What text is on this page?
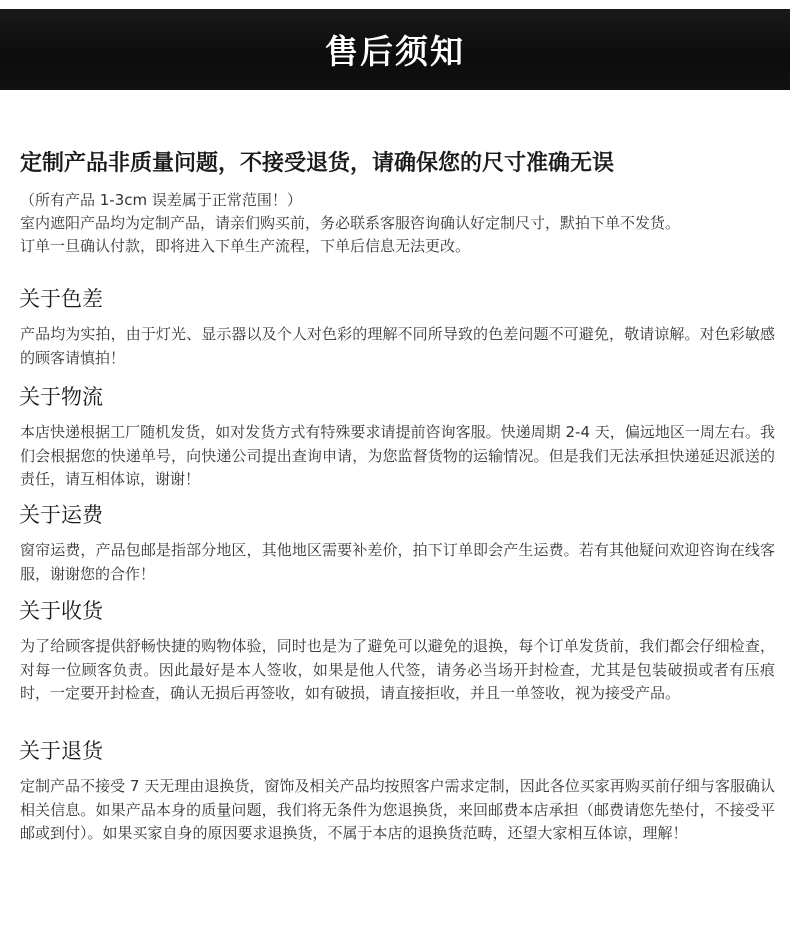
售后须知
定制产品非质量问题，不接受退货，请确保您的尺寸准确无误

（所有产品 1-3cm 误差属于正常范围！）

室内遮阳产品均为定制产品，请亲们购买前，务必联系客服咨询确认好定制尺寸，默拍下单不发货。

订单一旦确认付款，即将进入下单生产流程，下单后信息无法更改。

关于色差

产品均为实拍，由于灯光、显示器以及个人对色彩的理解不同所导致的色差问题不可避免，敬请谅解。对色彩敏感的顾客请慎拍！

关于物流

本店快递根据工厂随机发货，如对发货方式有特殊要求请提前咨询客服。快递周期 2-4 天，偏远地区一周左右。我们会根据您的快递单号，向快递公司提出查询申请，为您监督货物的运输情况。但是我们无法承担快递延迟派送的责任，请互相体谅，谢谢！

关于运费

窗帘运费，产品包邮是指部分地区，其他地区需要补差价，拍下订单即会产生运费。若有其他疑问欢迎咨询在线客服，谢谢您的合作！

关于收货

为了给顾客提供舒畅快捷的购物体验，同时也是为了避免可以避免的退换，每个订单发货前，我们都会仔细检查，对每一位顾客负责。因此最好是本人签收，如果是他人代签，请务必当场开封检查，尤其是包装破损或者有压痕时，一定要开封检查，确认无损后再签收，如有破损，请直接拒收，并且一单签收，视为接受产品。

关于退货

定制产品不接受 7 天无理由退换货，窗饰及相关产品均按照客户需求定制，因此各位买家再购买前仔细与客服确认相关信息。如果产品本身的质量问题，我们将无条件为您退换货，来回邮费本店承担（邮费请您先垫付，不接受平邮或到付）。如果买家自身的原因要求退换货，不属于本店的退换货范畴，还望大家相互体谅，理解！
